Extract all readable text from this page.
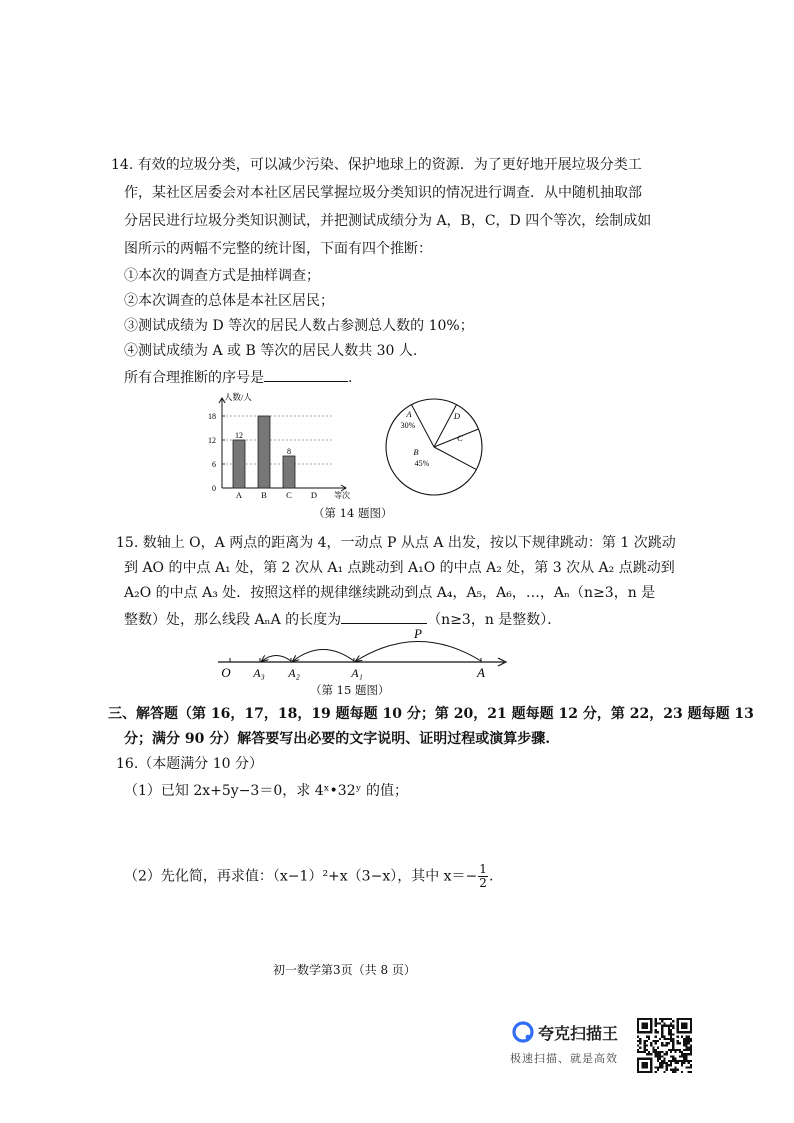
14. 有效的垃圾分类，可以减少污染、保护地球上的资源．为了更好地开展垃圾分类工
作，某社区居委会对本社区居民掌握垃圾分类知识的情况进行调查．从中随机抽取部
分居民进行垃圾分类知识测试，并把测试成绩分为 A，B，C，D 四个等次，绘制成如
图所示的两幅不完整的统计图，下面有四个推断：
①本次的调查方式是抽样调查；
②本次调查的总体是本社区居民；
③测试成绩为 D 等次的居民人数占参测总人数的 10%；
④测试成绩为 A 或 B 等次的居民人数共 30 人.
所有合理推断的序号是	.
人数/人
等次
0
6
12
18
12
A B
8
C D
A
30%
D
C
B
45%
（第 14 题图）
15. 数轴上 O，A 两点的距离为 4，一动点 P 从点 A 出发，按以下规律跳动：第 1 次跳动
到 AO 的中点 A₁ 处，第 2 次从 A₁ 点跳动到 A₁O 的中点 A₂ 处，第 3 次从 A₂ 点跳动到
A₂O 的中点 A₃ 处．按照这样的规律继续跳动到点 A₄，A₅，A₆，…，Aₙ（n≥3，n 是
整数）处，那么线段 AₙA 的长度为	（n≥3，n 是整数）．
P
O A₃ A₂	A₁	A
（第 15 题图）
三、解答题（第 16，17，18，19 题每题 10 分；第 20，21 题每题 12 分，第 22，23 题每题 13
分；满分 90 分）解答要写出必要的文字说明、证明过程或演算步骤.
16.（本题满分 10 分）
（1）已知 2x+5y−3＝0，求 4ˣ•32ʸ 的值；
（2）先化简，再求值：（x−1）²+x（3−x），其中 $x=- \frac{1}{2}$ .
初一数学第3页（共 8 页）
夸克扫描王
极速扫描、就是高效
